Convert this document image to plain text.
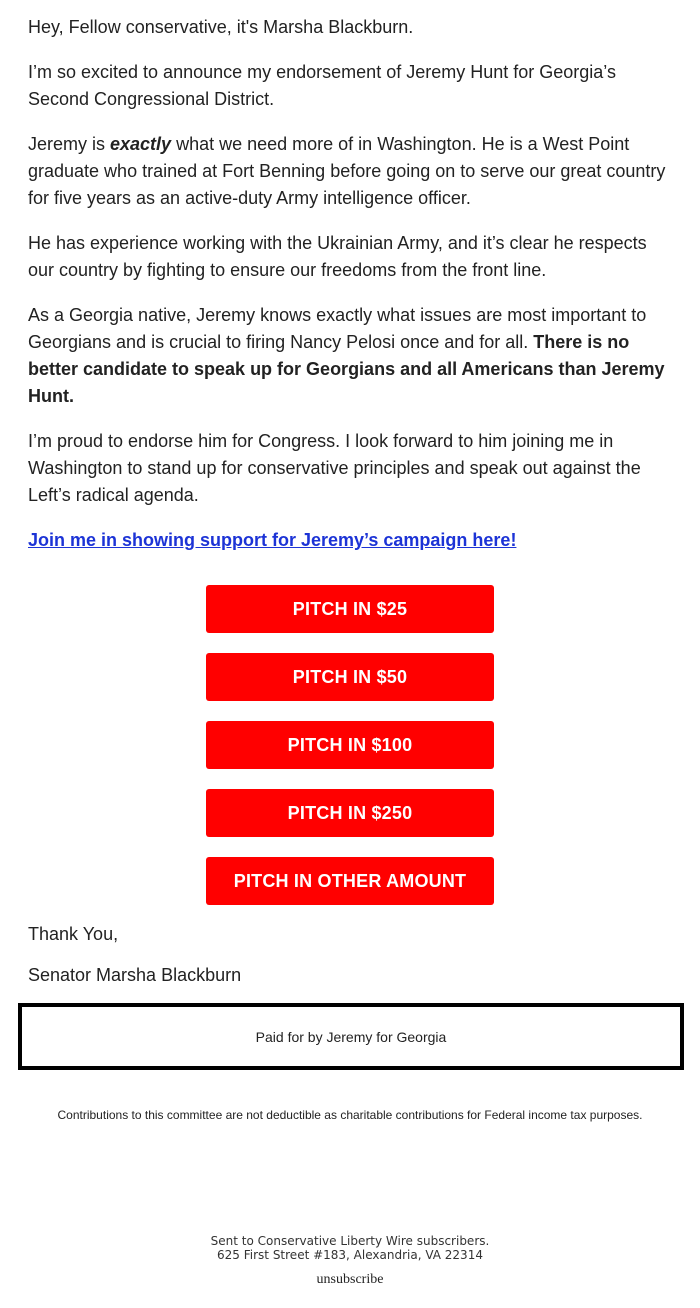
Hey, Fellow conservative, it's Marsha Blackburn.

I’m so excited to announce my endorsement of Jeremy Hunt for Georgia’s Second Congressional District.

Jeremy is exactly what we need more of in Washington. He is a West Point graduate who trained at Fort Benning before going on to serve our great country for five years as an active-duty Army intelligence officer.

He has experience working with the Ukrainian Army, and it’s clear he respects our country by fighting to ensure our freedoms from the front line.

As a Georgia native, Jeremy knows exactly what issues are most important to Georgians and is crucial to firing Nancy Pelosi once and for all. There is no better candidate to speak up for Georgians and all Americans than Jeremy Hunt.

I’m proud to endorse him for Congress. I look forward to him joining me in Washington to stand up for conservative principles and speak out against the Left’s radical agenda.

Join me in showing support for Jeremy’s campaign here!
PITCH IN $25
PITCH IN $50
PITCH IN $100
PITCH IN $250
PITCH IN OTHER AMOUNT
Thank You,
Senator Marsha Blackburn
Paid for by Jeremy for Georgia
Contributions to this committee are not deductible as charitable contributions for Federal income tax purposes.
Sent to Conservative Liberty Wire subscribers.
625 First Street #183, Alexandria, VA 22314
unsubscribe
